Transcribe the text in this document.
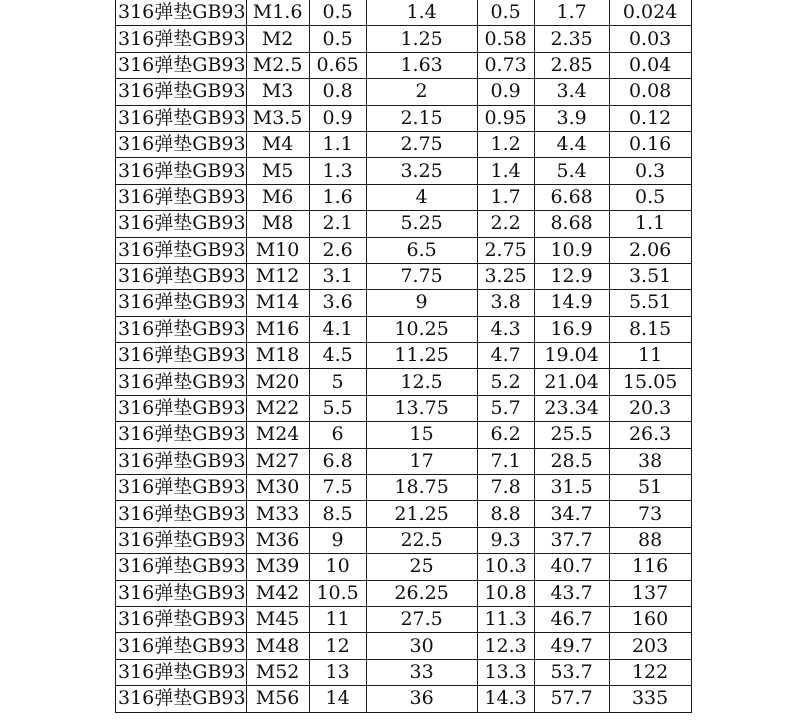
316弹垫GB93	M1.6	0.5	1.4	0.5	1.7	0.024
316弹垫GB93	M2	0.5	1.25	0.58	2.35	0.03
316弹垫GB93	M2.5	0.65	1.63	0.73	2.85	0.04
316弹垫GB93	M3	0.8	2	0.9	3.4	0.08
316弹垫GB93	M3.5	0.9	2.15	0.95	3.9	0.12
316弹垫GB93	M4	1.1	2.75	1.2	4.4	0.16
316弹垫GB93	M5	1.3	3.25	1.4	5.4	0.3
316弹垫GB93	M6	1.6	4	1.7	6.68	0.5
316弹垫GB93	M8	2.1	5.25	2.2	8.68	1.1
316弹垫GB93	M10	2.6	6.5	2.75	10.9	2.06
316弹垫GB93	M12	3.1	7.75	3.25	12.9	3.51
316弹垫GB93	M14	3.6	9	3.8	14.9	5.51
316弹垫GB93	M16	4.1	10.25	4.3	16.9	8.15
316弹垫GB93	M18	4.5	11.25	4.7	19.04	11
316弹垫GB93	M20	5	12.5	5.2	21.04	15.05
316弹垫GB93	M22	5.5	13.75	5.7	23.34	20.3
316弹垫GB93	M24	6	15	6.2	25.5	26.3
316弹垫GB93	M27	6.8	17	7.1	28.5	38
316弹垫GB93	M30	7.5	18.75	7.8	31.5	51
316弹垫GB93	M33	8.5	21.25	8.8	34.7	73
316弹垫GB93	M36	9	22.5	9.3	37.7	88
316弹垫GB93	M39	10	25	10.3	40.7	116
316弹垫GB93	M42	10.5	26.25	10.8	43.7	137
316弹垫GB93	M45	11	27.5	11.3	46.7	160
316弹垫GB93	M48	12	30	12.3	49.7	203
316弹垫GB93	M52	13	33	13.3	53.7	122
316弹垫GB93	M56	14	36	14.3	57.7	335
